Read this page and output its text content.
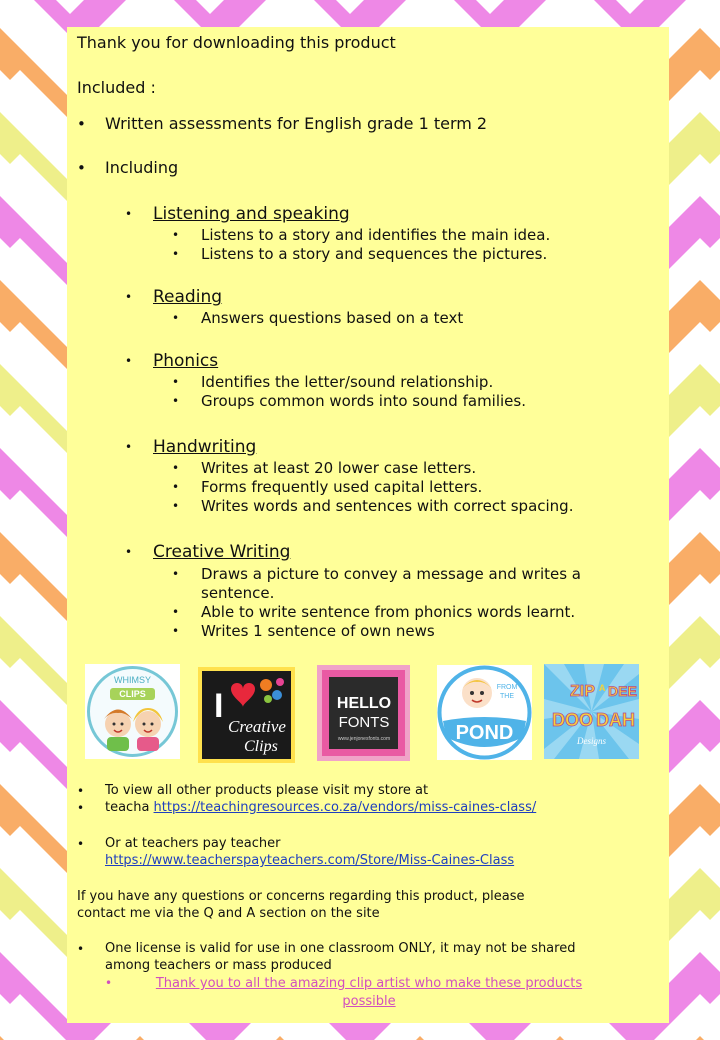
Thank you for downloading this product
Included :
• Written assessments for English grade 1 term 2
• Including
• Listening and speaking
• Listens to a story and identifies the main idea.
• Listens to a story and sequences the pictures.
• Reading
• Answers questions based on a text
• Phonics
• Identifies the letter/sound relationship.
• Groups common words into sound families.
• Handwriting
• Writes at least 20 lower case letters.
• Forms frequently used capital letters.
• Writes words and sentences with correct spacing.
• Creative Writing
• Draws a picture to convey a message and writes a
sentence.
• Able to write sentence from phonics words learnt.
• Writes 1 sentence of own news
WHIMSY
CLIPS I
Creative
Clips
HELLO
FONTS
www.jenjonesfonts.com
FROM
THE
POND
ZIP A DEE
DOO DAH
Designs
• To view all other products please visit my store at
• teacha https://teachingresources.co.za/vendors/miss-caines-class/
• Or at teachers pay teacher
https://www.teacherspayteachers.com/Store/Miss-Caines-Class
If you have any questions or concerns regarding this product, please
contact me via the Q and A section on the site
• One license is valid for use in one classroom ONLY, it may not be shared
among teachers or mass produced
•	Thank you to all the amazing clip artist who make these products
possible
